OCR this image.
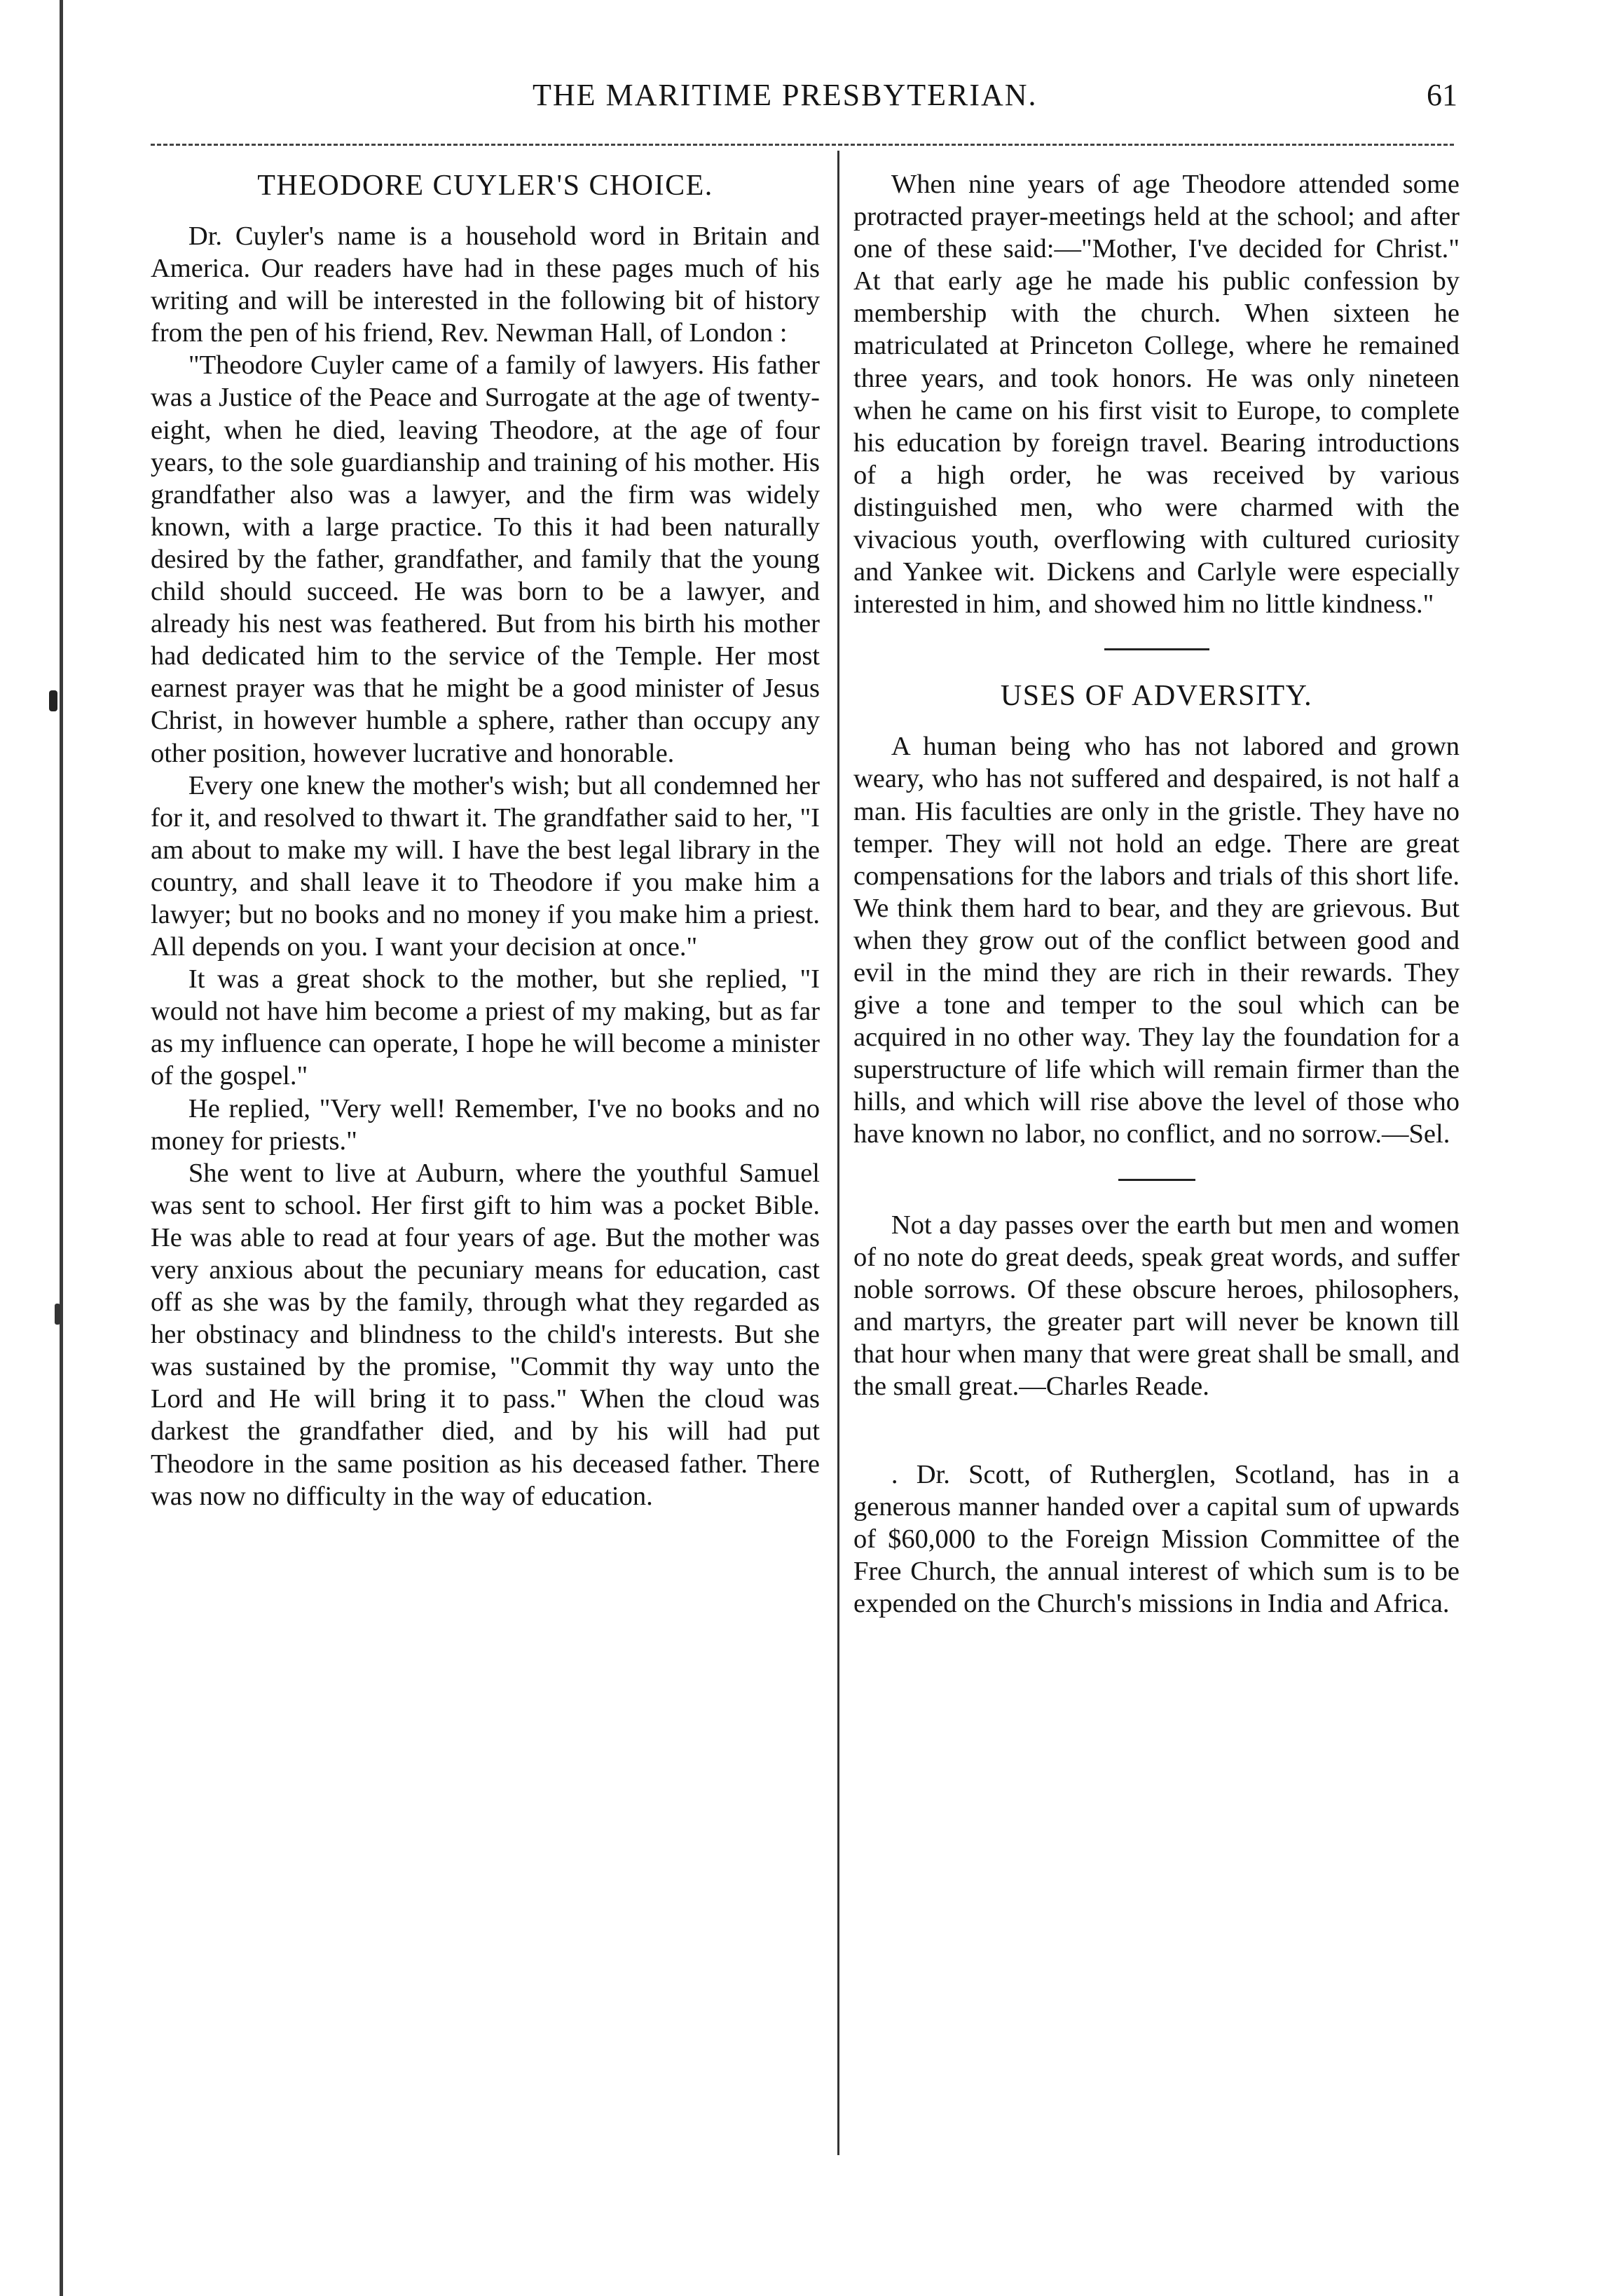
THE MARITIME PRESBYTERIAN.	61
THEODORE CUYLER'S CHOICE.

Dr. Cuyler's name is a household word in Britain and America. Our readers have had in these pages much of his writing and will be interested in the following bit of history from the pen of his friend, Rev. Newman Hall, of London :

"Theodore Cuyler came of a family of lawyers. His father was a Justice of the Peace and Surrogate at the age of twenty-eight, when he died, leaving Theodore, at the age of four years, to the sole guardianship and training of his mother. His grandfather also was a lawyer, and the firm was widely known, with a large practice. To this it had been naturally desired by the father, grandfather, and family that the young child should succeed. He was born to be a lawyer, and already his nest was feathered. But from his birth his mother had dedicated him to the service of the Temple. Her most earnest prayer was that he might be a good minister of Jesus Christ, in however humble a sphere, rather than occupy any other position, however lucrative and honorable.

Every one knew the mother's wish; but all condemned her for it, and resolved to thwart it. The grandfather said to her, "I am about to make my will. I have the best legal library in the country, and shall leave it to Theodore if you make him a lawyer; but no books and no money if you make him a priest. All depends on you. I want your decision at once."

It was a great shock to the mother, but she replied, "I would not have him become a priest of my making, but as far as my influence can operate, I hope he will become a minister of the gospel."

He replied, "Very well! Remember, I've no books and no money for priests."

She went to live at Auburn, where the youthful Samuel was sent to school. Her first gift to him was a pocket Bible. He was able to read at four years of age. But the mother was very anxious about the pecuniary means for education, cast off as she was by the family, through what they regarded as her obstinacy and blindness to the child's interests. But she was sustained by the promise, "Commit thy way unto the Lord and He will bring it to pass." When the cloud was darkest the grandfather died, and by his will had put Theodore in the same position as his deceased father. There was now no difficulty in the way of education.

When nine years of age Theodore attended some protracted prayer-meetings held at the school; and after one of these said:—"Mother, I've decided for Christ." At that early age he made his public confession by membership with the church. When sixteen he matriculated at Princeton College, where he remained three years, and took honors. He was only nineteen when he came on his first visit to Europe, to complete his education by foreign travel. Bearing introductions of a high order, he was received by various distinguished men, who were charmed with the vivacious youth, overflowing with cultured curiosity and Yankee wit. Dickens and Carlyle were especially interested in him, and showed him no little kindness."

USES OF ADVERSITY.

A human being who has not labored and grown weary, who has not suffered and despaired, is not half a man. His faculties are only in the gristle. They have no temper. They will not hold an edge. There are great compensations for the labors and trials of this short life. We think them hard to bear, and they are grievous. But when they grow out of the conflict between good and evil in the mind they are rich in their rewards. They give a tone and temper to the soul which can be acquired in no other way. They lay the foundation for a superstructure of life which will remain firmer than the hills, and which will rise above the level of those who have known no labor, no conflict, and no sorrow.—Sel.

Not a day passes over the earth but men and women of no note do great deeds, speak great words, and suffer noble sorrows. Of these obscure heroes, philosophers, and martyrs, the greater part will never be known till that hour when many that were great shall be small, and the small great.—Charles Reade.

. Dr. Scott, of Rutherglen, Scotland, has in a generous manner handed over a capital sum of upwards of $60,000 to the Foreign Mission Committee of the Free Church, the annual interest of which sum is to be expended on the Church's missions in India and Africa.
